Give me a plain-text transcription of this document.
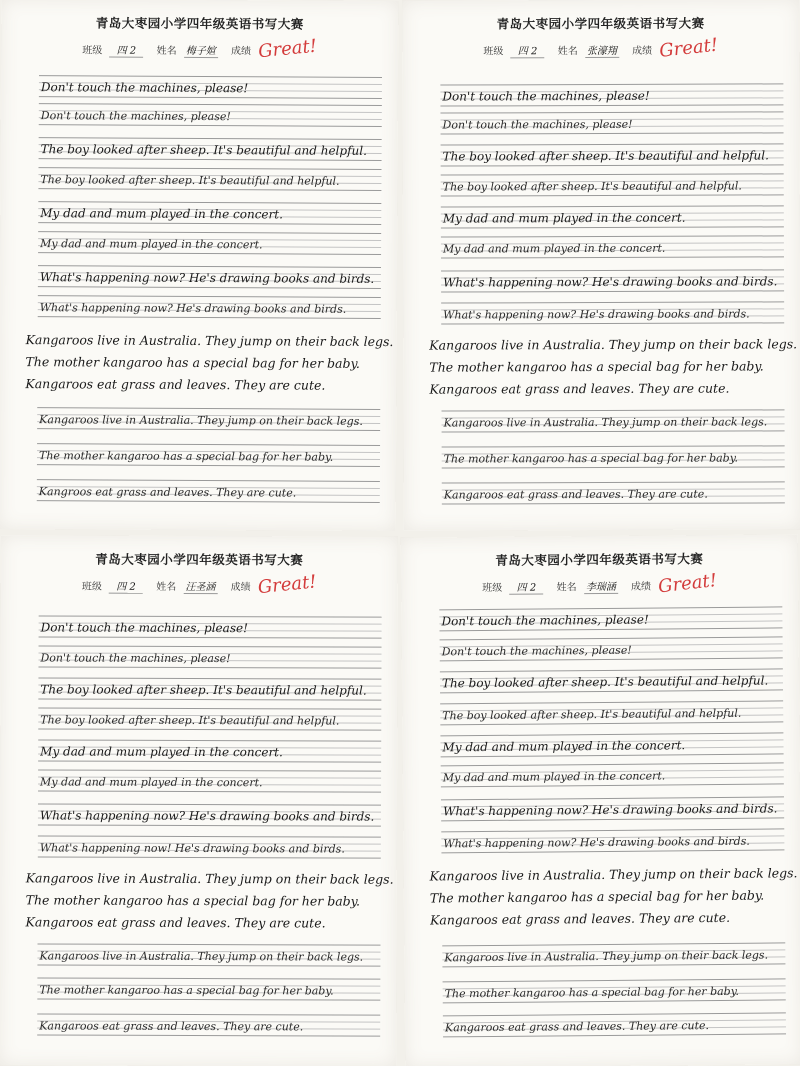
青岛大枣园小学四年级英语书写大赛
班级 四 2 姓名 梅子媗 成绩 Great!
Don't touch the machines, please!
Don't touch the machines, please!
The boy looked after sheep. It's beautiful and helpful.
The boy looked after sheep. It's beautiful and helpful.
My dad and mum played in the concert.
My dad and mum played in the concert.
What's happening now? He's drawing books and birds.
What's happening now? He's drawing books and birds.
Kangaroos live in Australia. They jump on their back legs.
The mother kangaroo has a special bag for her baby.
Kangaroos eat grass and leaves. They are cute.
Kangaroos live in Australia. They jump on their back legs.
The mother kangaroo has a special bag for her baby.
Kangroos eat grass and leaves. They are cute.
青岛大枣园小学四年级英语书写大赛
班级 四 2 姓名 张濠翔 成绩 Great!
Don't touch the machines, please!
Don't touch the machines, please!
The boy looked after sheep. It's beautiful and helpful.
The boy looked after sheep. It's beautiful and helpful.
My dad and mum played in the concert.
My dad and mum played in the concert.
What's happening now? He's drawing books and birds.
What's happening now? He's drawing books and birds.
Kangaroos live in Australia. They jump on their back legs.
The mother kangaroo has a special bag for her baby.
Kangaroos eat grass and leaves. They are cute.
Kangaroos live in Australia. They jump on their back legs.
The mother kangaroo has a special bag for her baby.
Kangaroos eat grass and leaves. They are cute.
青岛大枣园小学四年级英语书写大赛
班级 四 2 姓名 汪圣涵 成绩 Great!
Don't touch the machines, please!
Don't touch the machines, please!
The boy looked after sheep. It's beautiful and helpful.
The boy looked after sheep. It's beautiful and helpful.
My dad and mum played in the concert.
My dad and mum played in the concert.
What's happening now? He's drawing books and birds.
What's happening now! He's drawing books and birds.
Kangaroos live in Australia. They jump on their back legs.
The mother kangaroo has a special bag for her baby.
Kangaroos eat grass and leaves. They are cute.
Kangaroos live in Australia. They jump on their back legs.
The mother kangaroo has a special bag for her baby.
Kangaroos eat grass and leaves. They are cute.
青岛大枣园小学四年级英语书写大赛
班级 四 2 姓名 李瑞涵 成绩 Great!
Don't touch the machines, please!
Don't touch the machines, please!
The boy looked after sheep. It's beautiful and helpful.
The boy looked after sheep. It's beautiful and helpful.
My dad and mum played in the concert.
My dad and mum played in the concert.
What's happening now? He's drawing books and birds.
What's happening now? He's drawing books and birds.
Kangaroos live in Australia. They jump on their back legs.
The mother kangaroo has a special bag for her baby.
Kangaroos eat grass and leaves. They are cute.
Kangaroos live in Australia. They jump on their back legs.
The mother kangaroo has a special bag for her baby.
Kangaroos eat grass and leaves. They are cute.
